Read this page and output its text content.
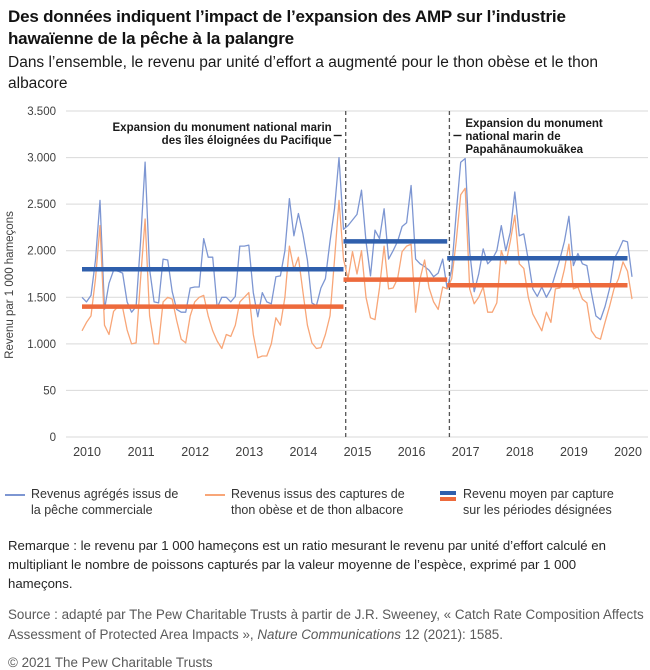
Des données indiquent l’impact de l’expansion des AMP sur l’industrie hawaïenne de la pêche à la palangre
Dans l’ensemble, le revenu par unité d’effort a augmenté pour le thon obèse et le thon albacore
0
50
1.000
1.500
2.000
2.500
3.000
3.500
2010 2011 2012 2013 2014 2015 2016 2017 2018 2019 2020
Revenu par 1 000 hameçons
Expansion du monument national marin des îles éloignées du Pacifique
Expansion du monument national marin de Papahānaumokuākea
Revenus agrégés issus de la pêche commerciale
Revenus issus des captures de thon obèse et de thon albacore
Revenu moyen par capture sur les périodes désignées
Remarque : le revenu par 1 000 hameçons est un ratio mesurant le revenu par unité d’effort calculé en multipliant le nombre de poissons capturés par la valeur moyenne de l’espèce, exprimé par 1 000 hameçons.
Source : adapté par The Pew Charitable Trusts à partir de J.R. Sweeney, « Catch Rate Composition Affects Assessment of Protected Area Impacts », Nature Communications 12 (2021): 1585.
© 2021 The Pew Charitable Trusts
